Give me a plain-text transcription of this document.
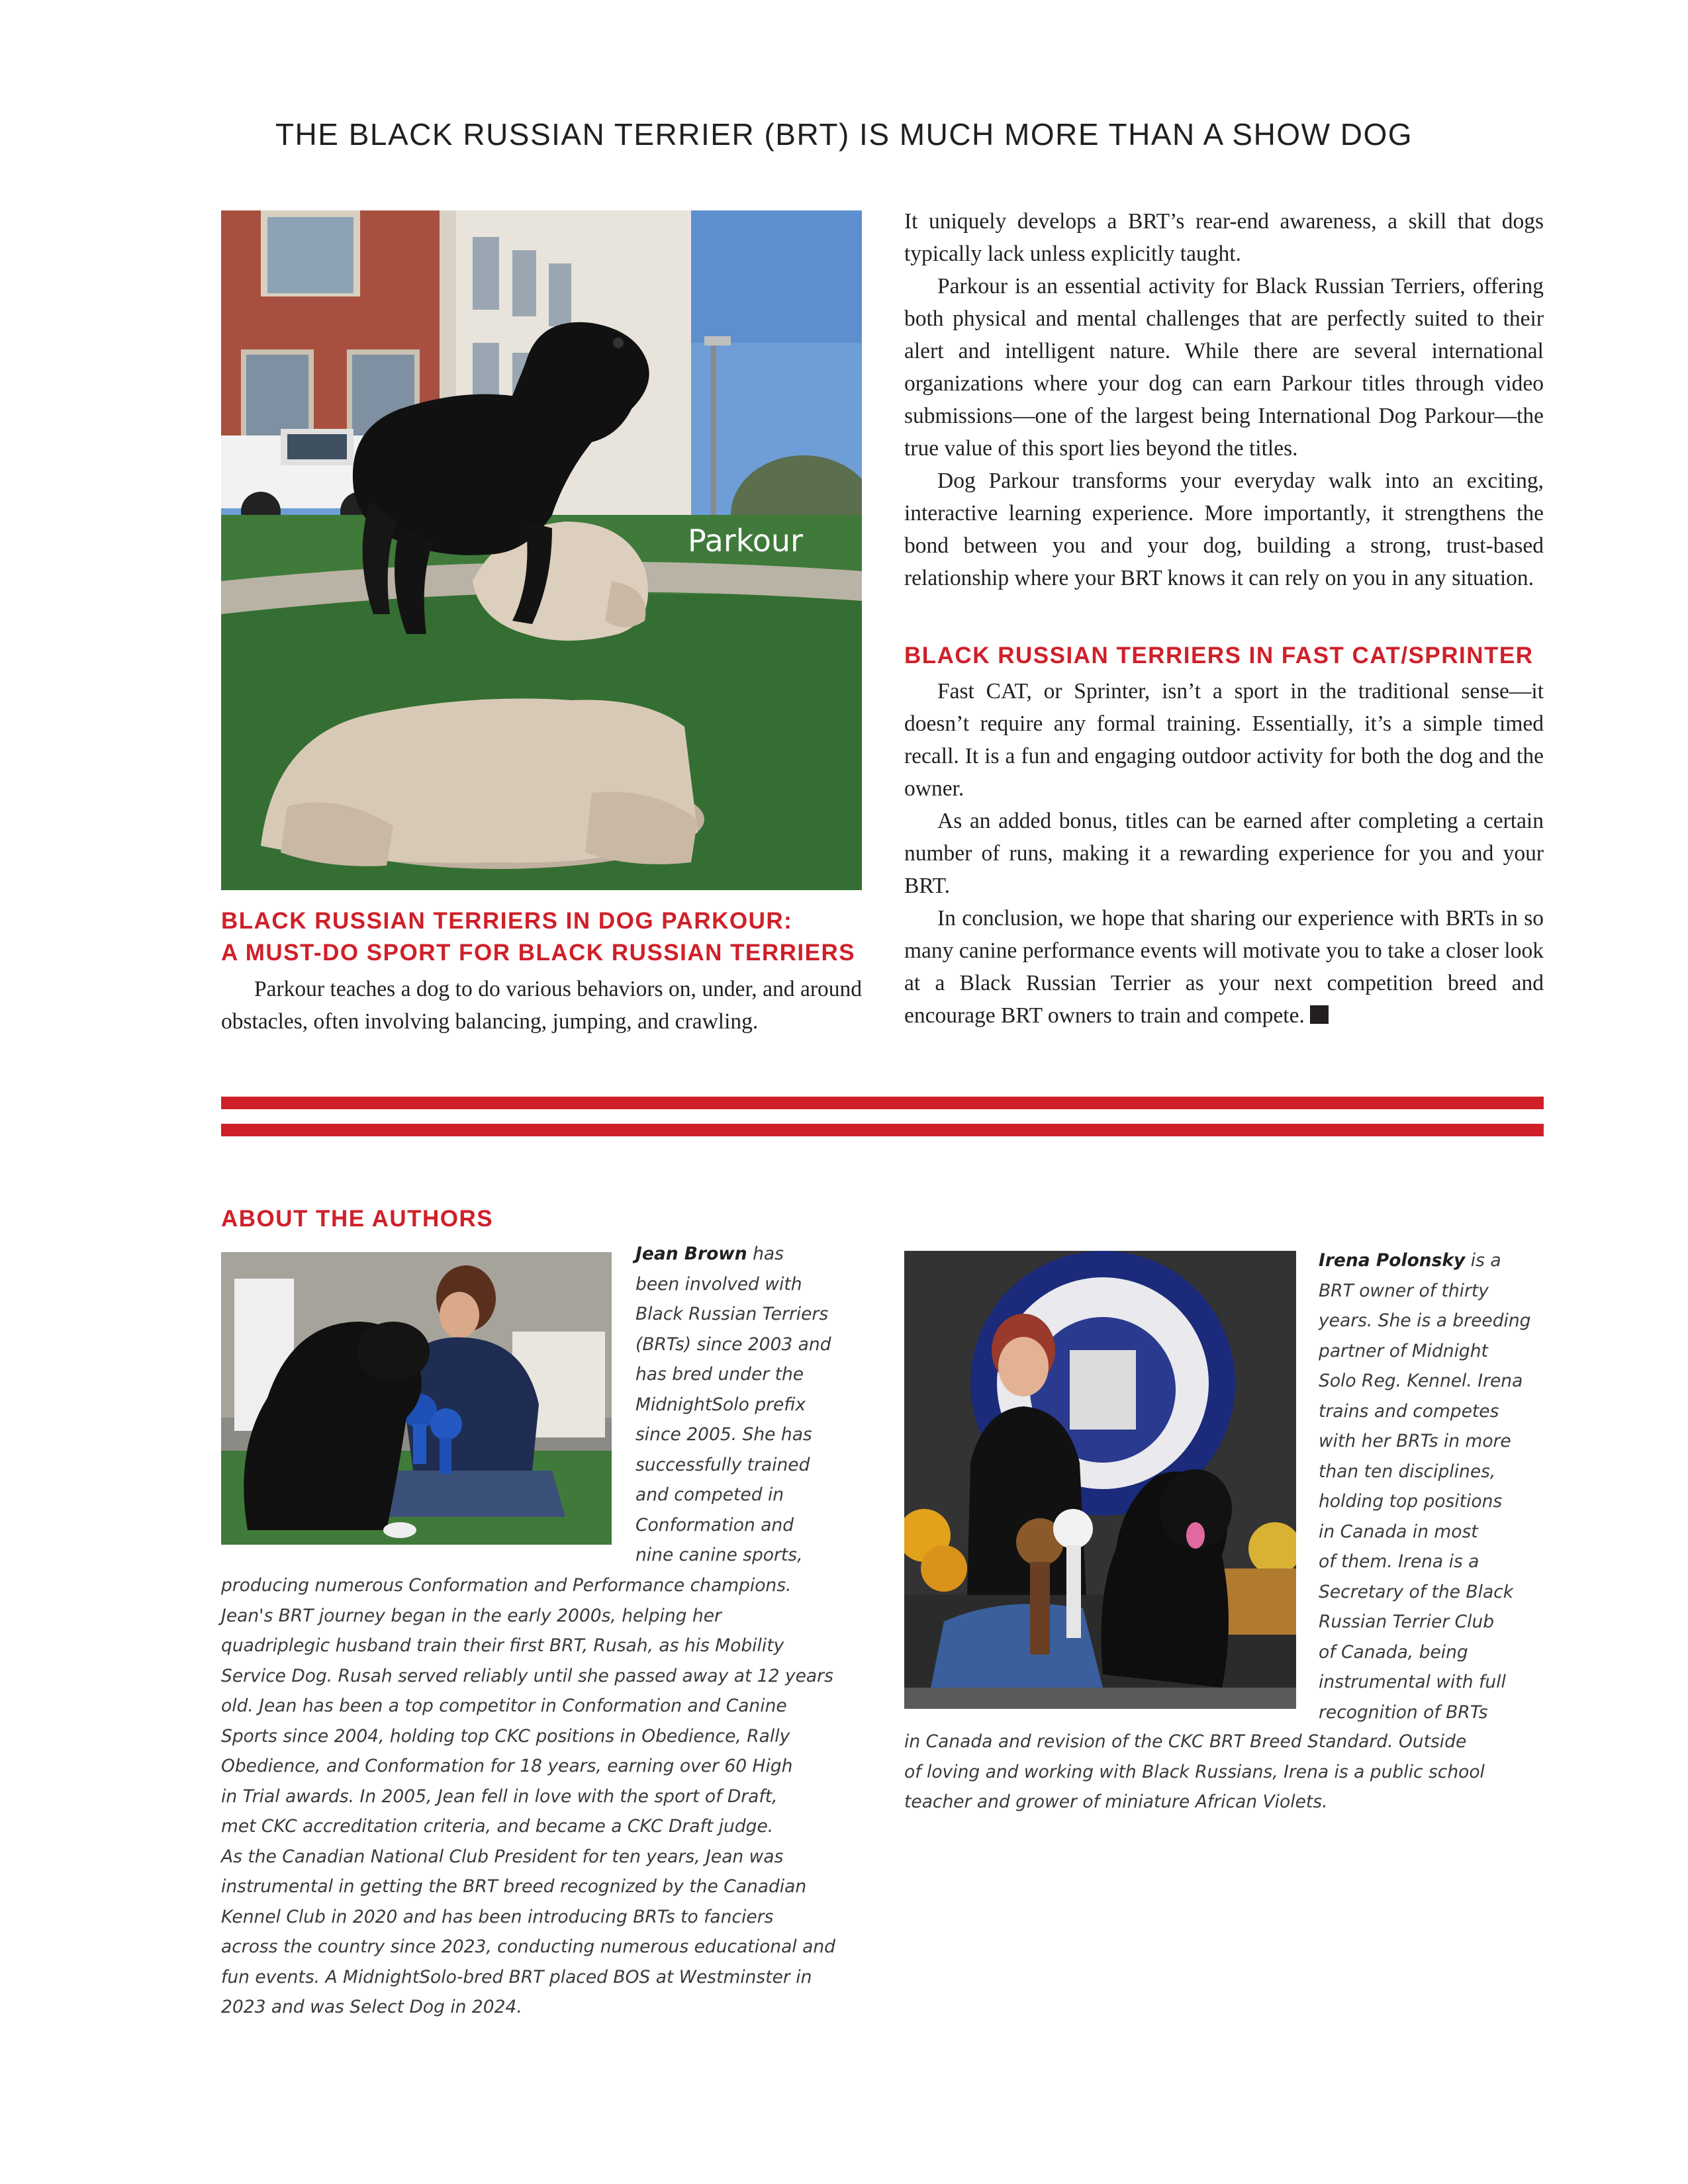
THE BLACK RUSSIAN TERRIER (BRT) IS MUCH MORE THAN A SHOW DOG
Parkour
BLACK RUSSIAN TERRIERS IN DOG PARKOUR:
A MUST-DO SPORT FOR BLACK RUSSIAN TERRIERS

Parkour teaches a dog to do various behaviors on, under, and around obstacles, often involving balancing, jumping, and crawling.

It uniquely develops a BRT’s rear-end awareness, a skill that dogs typically lack unless explicitly taught.

Parkour is an essential activity for Black Russian Terriers, offering both physical and mental challenges that are perfectly suited to their alert and intelligent nature. While there are several international organizations where your dog can earn Parkour titles through video submissions—one of the largest being International Dog Parkour—the true value of this sport lies beyond the titles.

Dog Parkour transforms your everyday walk into an exciting, interactive learning experience. More importantly, it strengthens the bond between you and your dog, building a strong, trust-based relationship where your BRT knows it can rely on you in any situation.

BLACK RUSSIAN TERRIERS IN FAST CAT/SPRINTER

Fast CAT, or Sprinter, isn’t a sport in the traditional sense—it doesn’t require any formal training. Essentially, it’s a simple timed recall. It is a fun and engaging outdoor activity for both the dog and the owner.

As an added bonus, titles can be earned after completing a certain number of runs, making it a rewarding experience for you and your BRT.

In conclusion, we hope that sharing our experience with BRTs in so many canine performance events will motivate you to take a closer look at a Black Russian Terrier as your next competition breed and encourage BRT owners to train and compete.

ABOUT THE AUTHORS
Jean Brown has
been involved with
Black Russian Terriers
(BRTs) since 2003 and
has bred under the
MidnightSolo prefix
since 2005. She has
successfully trained
and competed in
Conformation and
nine canine sports,
producing numerous Conformation and Performance champions.
Jean's BRT journey began in the early 2000s, helping her
quadriplegic husband train their first BRT, Rusah, as his Mobility
Service Dog. Rusah served reliably until she passed away at 12 years
old. Jean has been a top competitor in Conformation and Canine
Sports since 2004, holding top CKC positions in Obedience, Rally
Obedience, and Conformation for 18 years, earning over 60 High
in Trial awards. In 2005, Jean fell in love with the sport of Draft,
met CKC accreditation criteria, and became a CKC Draft judge.
As the Canadian National Club President for ten years, Jean was
instrumental in getting the BRT breed recognized by the Canadian
Kennel Club in 2020 and has been introducing BRTs to fanciers
across the country since 2023, conducting numerous educational and
fun events. A MidnightSolo-bred BRT placed BOS at Westminster in
2023 and was Select Dog in 2024.
Irena Polonsky is a
BRT owner of thirty
years. She is a breeding
partner of Midnight
Solo Reg. Kennel. Irena
trains and competes
with her BRTs in more
than ten disciplines,
holding top positions
in Canada in most
of them. Irena is a
Secretary of the Black
Russian Terrier Club
of Canada, being
instrumental with full
recognition of BRTs
in Canada and revision of the CKC BRT Breed Standard. Outside
of loving and working with Black Russians, Irena is a public school
teacher and grower of miniature African Violets.
